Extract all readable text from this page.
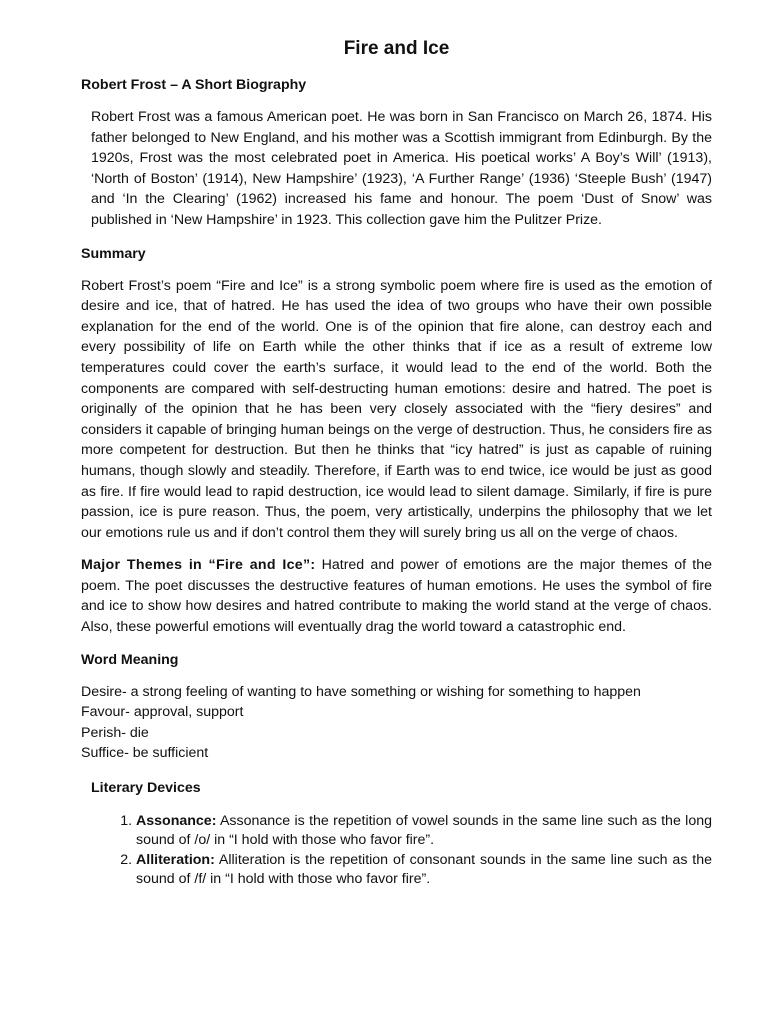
Fire and Ice
Robert Frost – A Short Biography

Robert Frost was a famous American poet. He was born in San Francisco on March 26, 1874. His father belonged to New England, and his mother was a Scottish immigrant from Edinburgh. By the 1920s, Frost was the most celebrated poet in America. His poetical works’ A Boy’s Will’ (1913), ‘North of Boston’ (1914), New Hampshire’ (1923), ‘A Further Range’ (1936) ‘Steeple Bush’ (1947) and ‘In the Clearing’ (1962) increased his fame and honour. The poem ‘Dust of Snow’ was published in ‘New Hampshire’ in 1923. This collection gave him the Pulitzer Prize.

Summary

Robert Frost’s poem “Fire and Ice” is a strong symbolic poem where fire is used as the emotion of desire and ice, that of hatred. He has used the idea of two groups who have their own possible explanation for the end of the world. One is of the opinion that fire alone, can destroy each and every possibility of life on Earth while the other thinks that if ice as a result of extreme low temperatures could cover the earth’s surface, it would lead to the end of the world. Both the components are compared with self-destructing human emotions: desire and hatred. The poet is originally of the opinion that he has been very closely associated with the “fiery desires” and considers it capable of bringing human beings on the verge of destruction. Thus, he considers fire as more competent for destruction. But then he thinks that “icy hatred” is just as capable of ruining humans, though slowly and steadily. Therefore, if Earth was to end twice, ice would be just as good as fire. If fire would lead to rapid destruction, ice would lead to silent damage. Similarly, if fire is pure passion, ice is pure reason. Thus, the poem, very artistically, underpins the philosophy that we let our emotions rule us and if don’t control them they will surely bring us all on the verge of chaos.

Major Themes in “Fire and Ice”: Hatred and power of emotions are the major themes of the poem. The poet discusses the destructive features of human emotions. He uses the symbol of fire and ice to show how desires and hatred contribute to making the world stand at the verge of chaos. Also, these powerful emotions will eventually drag the world toward a catastrophic end.

Word Meaning
Desire- a strong feeling of wanting to have something or wishing for something to happen
Favour- approval, support
Perish- die
Suffice- be sufficient
Literary Devices
1. Assonance: Assonance is the repetition of vowel sounds in the same line such as the long sound of /o/ in “I hold with those who favor fire”.
2. Alliteration: Alliteration is the repetition of consonant sounds in the same line such as the sound of /f/ in “I hold with those who favor fire”.
